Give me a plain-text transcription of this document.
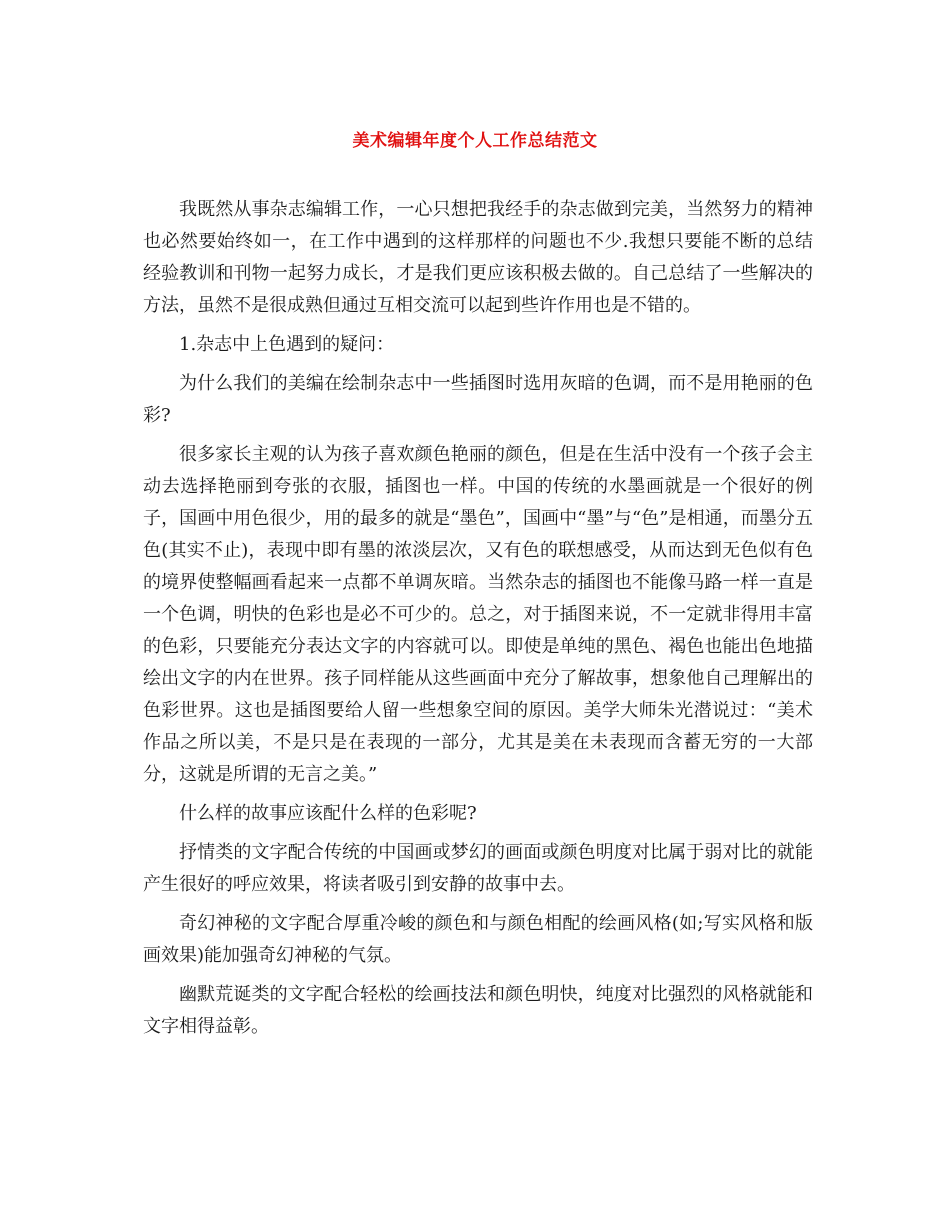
美术编辑年度个人工作总结范文

我既然从事杂志编辑工作，一心只想把我经手的杂志做到完美，当然努力的精神也必然要始终如一，在工作中遇到的这样那样的问题也不少.我想只要能不断的总结经验教训和刊物一起努力成长，才是我们更应该积极去做的。自己总结了一些解决的方法，虽然不是很成熟但通过互相交流可以起到些许作用也是不错的。

1.杂志中上色遇到的疑问：

为什么我们的美编在绘制杂志中一些插图时选用灰暗的色调，而不是用艳丽的色彩?

很多家长主观的认为孩子喜欢颜色艳丽的颜色，但是在生活中没有一个孩子会主动去选择艳丽到夸张的衣服，插图也一样。中国的传统的水墨画就是一个很好的例子，国画中用色很少，用的最多的就是“墨色”，国画中“墨”与“色”是相通，而墨分五色(其实不止)，表现中即有墨的浓淡层次，又有色的联想感受，从而达到无色似有色的境界使整幅画看起来一点都不单调灰暗。当然杂志的插图也不能像马路一样一直是一个色调，明快的色彩也是必不可少的。总之，对于插图来说，不一定就非得用丰富的色彩，只要能充分表达文字的内容就可以。即使是单纯的黑色、褐色也能出色地描绘出文字的内在世界。孩子同样能从这些画面中充分了解故事，想象他自己理解出的色彩世界。这也是插图要给人留一些想象空间的原因。美学大师朱光潜说过：“美术作品之所以美，不是只是在表现的一部分，尤其是美在未表现而含蓄无穷的一大部分，这就是所谓的无言之美。”

什么样的故事应该配什么样的色彩呢?

抒情类的文字配合传统的中国画或梦幻的画面或颜色明度对比属于弱对比的就能产生很好的呼应效果，将读者吸引到安静的故事中去。

奇幻神秘的文字配合厚重冷峻的颜色和与颜色相配的绘画风格(如;写实风格和版画效果)能加强奇幻神秘的气氛。

幽默荒诞类的文字配合轻松的绘画技法和颜色明快，纯度对比强烈的风格就能和文字相得益彰。
